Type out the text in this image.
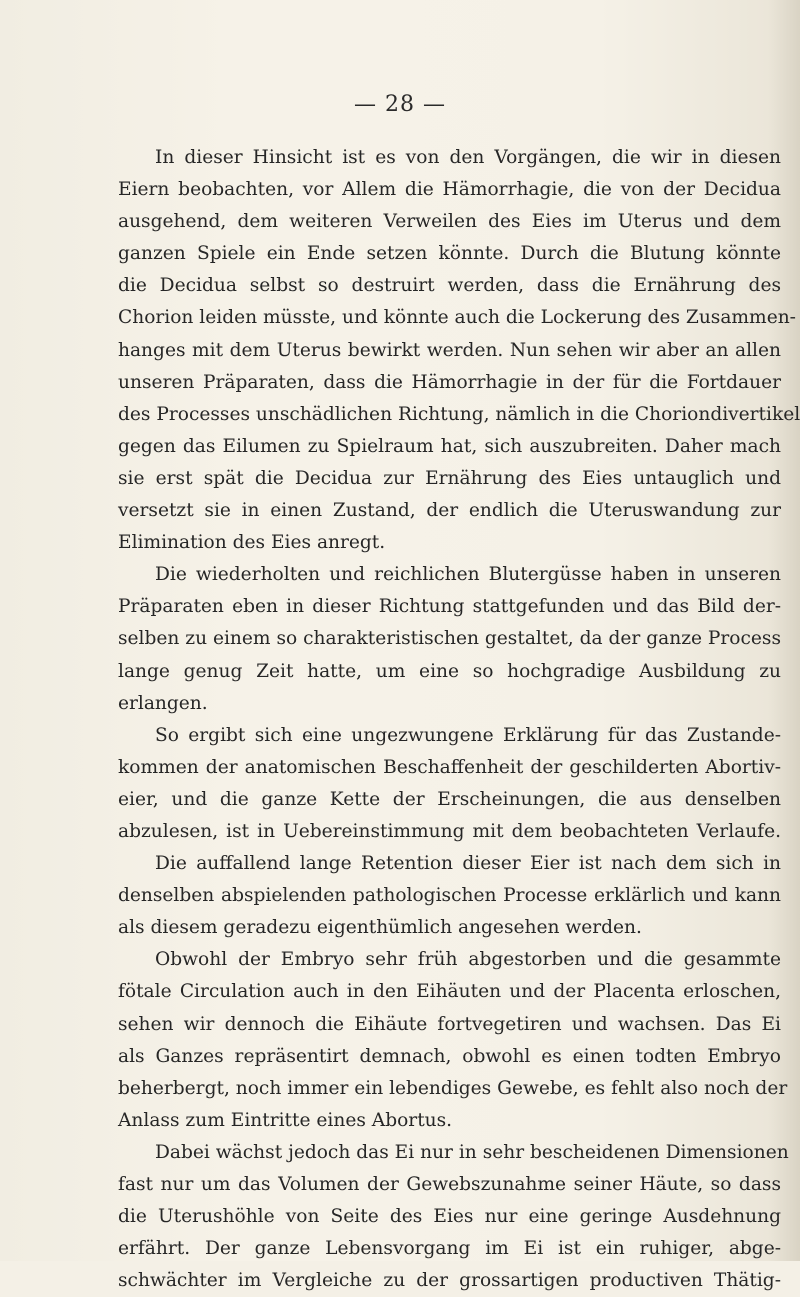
— 28 —
In dieser Hinsicht ist es von den Vorgängen, die wir in diesen
Eiern beobachten, vor Allem die Hämorrhagie, die von der Decidua
ausgehend, dem weiteren Verweilen des Eies im Uterus und dem
ganzen Spiele ein Ende setzen könnte. Durch die Blutung könnte
die Decidua selbst so destruirt werden, dass die Ernährung des
Chorion leiden müsste, und könnte auch die Lockerung des Zusammen-
hanges mit dem Uterus bewirkt werden. Nun sehen wir aber an allen
unseren Präparaten, dass die Hämorrhagie in der für die Fortdauer
des Processes unschädlichen Richtung, nämlich in die Choriondivertikel
gegen das Eilumen zu Spielraum hat, sich auszubreiten. Daher mach
sie erst spät die Decidua zur Ernährung des Eies untauglich und
versetzt sie in einen Zustand, der endlich die Uteruswandung zur
Elimination des Eies anregt.
Die wiederholten und reichlichen Blutergüsse haben in unseren
Präparaten eben in dieser Richtung stattgefunden und das Bild der-
selben zu einem so charakteristischen gestaltet, da der ganze Process
lange genug Zeit hatte, um eine so hochgradige Ausbildung zu
erlangen.
So ergibt sich eine ungezwungene Erklärung für das Zustande-
kommen der anatomischen Beschaffenheit der geschilderten Abortiv-
eier, und die ganze Kette der Erscheinungen, die aus denselben
abzulesen, ist in Uebereinstimmung mit dem beobachteten Verlaufe.
Die auffallend lange Retention dieser Eier ist nach dem sich in
denselben abspielenden pathologischen Processe erklärlich und kann
als diesem geradezu eigenthümlich angesehen werden.
Obwohl der Embryo sehr früh abgestorben und die gesammte
fötale Circulation auch in den Eihäuten und der Placenta erloschen,
sehen wir dennoch die Eihäute fortvegetiren und wachsen. Das Ei
als Ganzes repräsentirt demnach, obwohl es einen todten Embryo
beherbergt, noch immer ein lebendiges Gewebe, es fehlt also noch der
Anlass zum Eintritte eines Abortus.
Dabei wächst jedoch das Ei nur in sehr bescheidenen Dimensionen
fast nur um das Volumen der Gewebszunahme seiner Häute, so dass
die Uterushöhle von Seite des Eies nur eine geringe Ausdehnung
erfährt. Der ganze Lebensvorgang im Ei ist ein ruhiger, abge-
schwächter im Vergleiche zu der grossartigen productiven Thätig-
